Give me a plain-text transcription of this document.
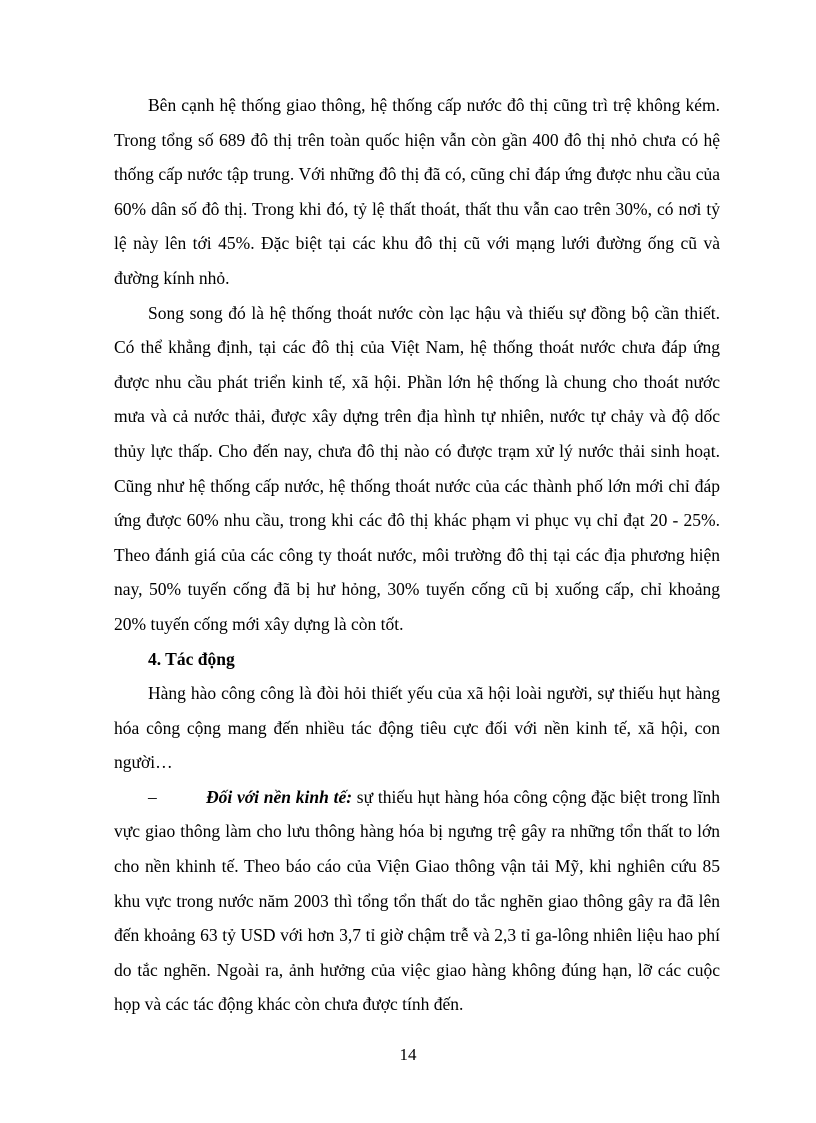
Bên cạnh hệ thống giao thông, hệ thống cấp nước đô thị cũng trì trệ không kém. Trong tổng số 689 đô thị trên toàn quốc hiện vẫn còn gần 400 đô thị nhỏ chưa có hệ thống cấp nước tập trung. Với những đô thị đã có, cũng chỉ đáp ứng được nhu cầu của 60% dân số đô thị. Trong khi đó, tỷ lệ thất thoát, thất thu vẫn cao trên 30%, có nơi tỷ lệ này lên tới 45%. Đặc biệt tại các khu đô thị cũ với mạng lưới đường ống cũ và đường kính nhỏ.

Song song đó là hệ thống thoát nước còn lạc hậu và thiếu sự đồng bộ cần thiết. Có thể khẳng định, tại các đô thị của Việt Nam, hệ thống thoát nước chưa đáp ứng được nhu cầu phát triển kinh tế, xã hội. Phần lớn hệ thống là chung cho thoát nước mưa và cả nước thải, được xây dựng trên địa hình tự nhiên, nước tự chảy và độ dốc thủy lực thấp. Cho đến nay, chưa đô thị nào có được trạm xử lý nước thải sinh hoạt. Cũng như hệ thống cấp nước, hệ thống thoát nước của các thành phố lớn mới chỉ đáp ứng được 60% nhu cầu, trong khi các đô thị khác phạm vi phục vụ chỉ đạt 20 - 25%. Theo đánh giá của các công ty thoát nước, môi trường đô thị tại các địa phương hiện nay, 50% tuyến cống đã bị hư hỏng, 30% tuyến cống cũ bị xuống cấp, chỉ khoảng 20% tuyến cống mới xây dựng là còn tốt.

4. Tác động

Hàng hào công công là đòi hỏi thiết yếu của xã hội loài người, sự thiếu hụt hàng hóa công cộng mang đến nhiều tác động tiêu cực đối với nền kinh tế, xã hội, con người…

–	Đối với nền kinh tế: sự thiếu hụt hàng hóa công cộng đặc biệt trong lĩnh vực giao thông làm cho lưu thông hàng hóa bị ngưng trệ gây ra những tổn thất to lớn cho nền khinh tế. Theo báo cáo của Viện Giao thông vận tải Mỹ, khi nghiên cứu 85 khu vực trong nước năm 2003 thì tổng tổn thất do tắc nghẽn giao thông gây ra đã lên đến khoảng 63 tỷ USD với hơn 3,7 tỉ giờ chậm trễ và 2,3 tỉ ga-lông nhiên liệu hao phí do tắc nghẽn. Ngoài ra, ảnh hưởng của việc giao hàng không đúng hạn, lỡ các cuộc họp và các tác động khác còn chưa được tính đến.

14
